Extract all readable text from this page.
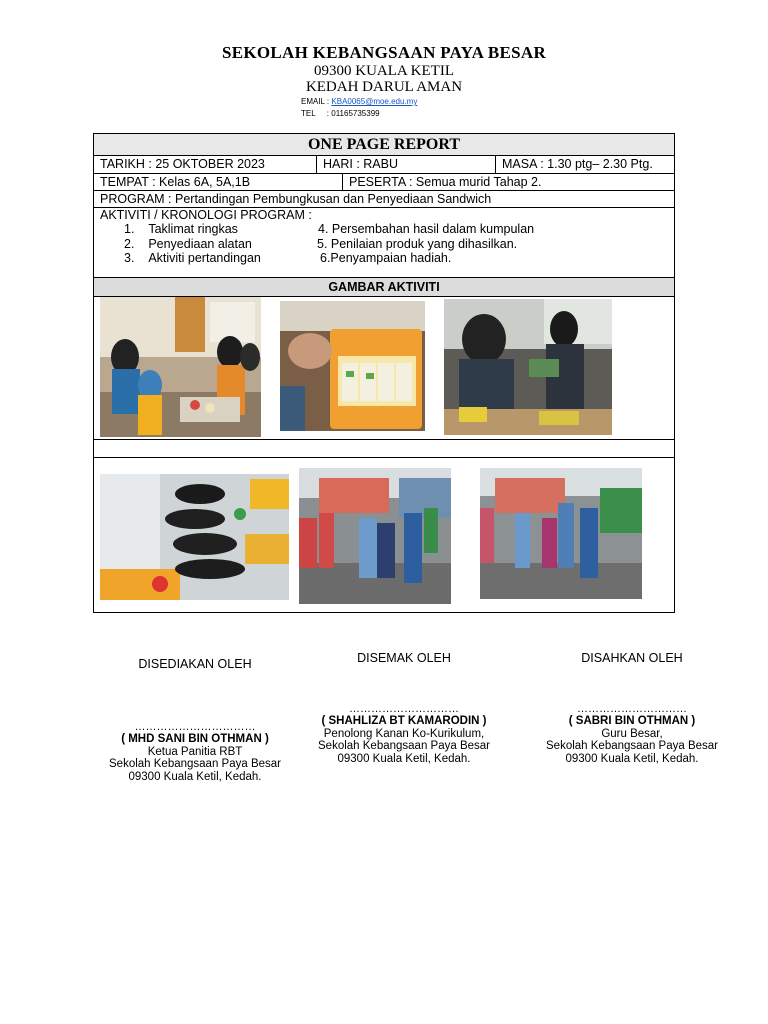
SEKOLAH KEBANGSAAN PAYA BESAR
09300 KUALA KETIL
KEDAH DARUL AMAN
EMAIL : KBA0065@moe.edu.my
TEL : 01165735399
ONE PAGE REPORT
TARIKH : 25 OKTOBER 2023	HARI : RABU	MASA : 1.30 ptg– 2.30 Ptg.
TEMPAT : Kelas 6A, 5A,1B	PESERTA : Semua murid Tahap 2.
PROGRAM : Pertandingan Pembungkusan dan Penyediaan Sandwich
AKTIVITI / KRONOLOGI PROGRAM :
1.    Taklimat ringkas
2.    Penyediaan alatan
3.    Aktiviti pertandingan
4. Persembahan hasil dalam kumpulan
5. Penilaian produk yang dihasilkan.
6.Penyampaian hadiah.
GAMBAR AKTIVITI
DISEDIAKAN OLEH
……………………………
( MHD SANI BIN OTHMAN )
Ketua Panitia RBT
Sekolah Kebangsaan Paya Besar
09300 Kuala Ketil, Kedah.
DISEMAK OLEH
…………………………
( SHAHLIZA BT KAMARODIN )
Penolong Kanan Ko-Kurikulum,
Sekolah Kebangsaan Paya Besar
09300 Kuala Ketil, Kedah.
DISAHKAN OLEH
…………………………
( SABRI BIN OTHMAN )
Guru Besar,
Sekolah Kebangsaan Paya Besar
09300 Kuala Ketil, Kedah.
